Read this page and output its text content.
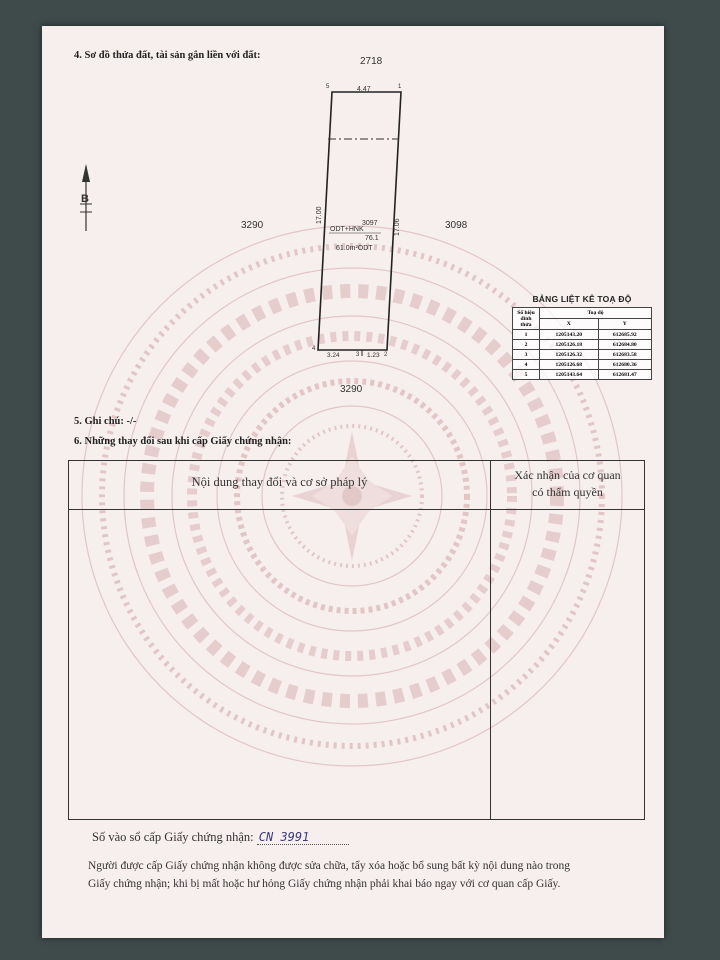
4. Sơ đồ thửa đất, tài sản gắn liền với đất:
B
2718
3290	3098
3290
5	1
4
3	2
4.47
17.00
17.06
3.24	1.23
ODT+HNK
3097
76.1
61.0m²ODT
BẢNG LIỆT KÊ TOẠ ĐỘ
Số hiệu đỉnh thửa	Toạ độ	
	X	Y
1	1205143.20	612685.92
2	1205126.18	612684.80
3	1205126.32	612683.58
4	1205126.68	612680.36
5	1205143.64	612681.47
5. Ghi chú: -/-
6. Những thay đổi sau khi cấp Giấy chứng nhận:
Nội dung thay đổi và cơ sở pháp lý	Xác nhận của cơ quan
có thẩm quyền
Số vào sổ cấp Giấy chứng nhận: CN 3991
Người được cấp Giấy chứng nhận không được sửa chữa, tẩy xóa hoặc bổ sung bất kỳ nội dung nào trong
Giấy chứng nhận; khi bị mất hoặc hư hỏng Giấy chứng nhận phải khai báo ngay với cơ quan cấp Giấy.
